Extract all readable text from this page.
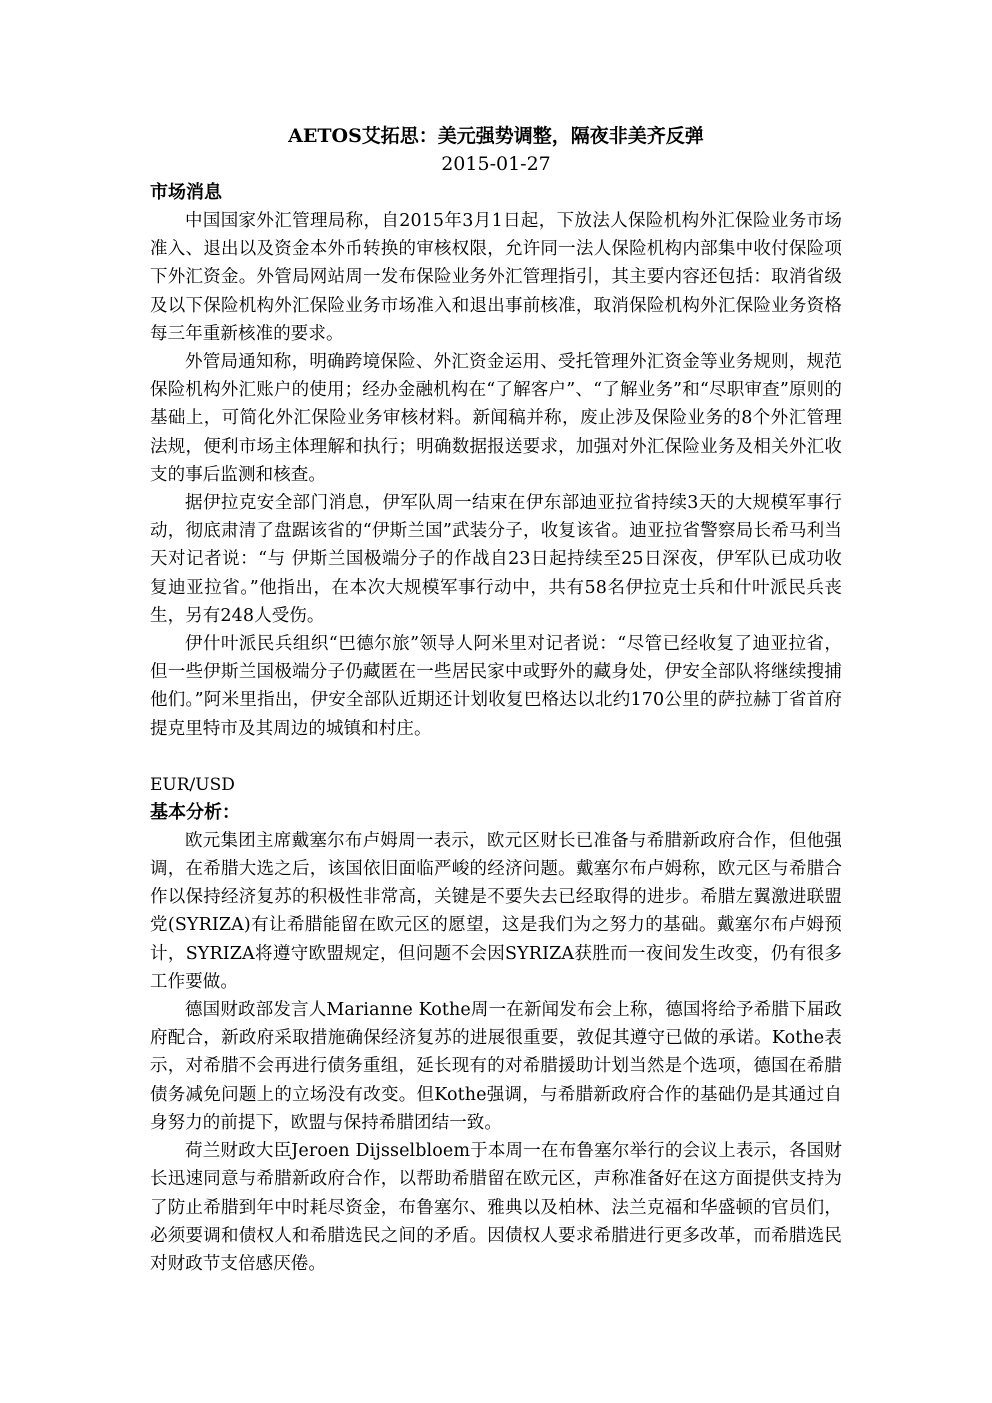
AETOS艾拓思：美元强势调整，隔夜非美齐反弹
2015-01-27
市场消息

中国国家外汇管理局称，自2015年3月1日起，下放法人保险机构外汇保险业务市场准入、退出以及资金本外币转换的审核权限，允许同一法人保险机构内部集中收付保险项下外汇资金。外管局网站周一发布保险业务外汇管理指引，其主要内容还包括：取消省级及以下保险机构外汇保险业务市场准入和退出事前核准，取消保险机构外汇保险业务资格每三年重新核准的要求。

外管局通知称，明确跨境保险、外汇资金运用、受托管理外汇资金等业务规则，规范保险机构外汇账户的使用；经办金融机构在“了解客户”、“了解业务”和“尽职审查”原则的基础上，可简化外汇保险业务审核材料。新闻稿并称，废止涉及保险业务的8个外汇管理法规，便利市场主体理解和执行；明确数据报送要求，加强对外汇保险业务及相关外汇收支的事后监测和核查。

据伊拉克安全部门消息，伊军队周一结束在伊东部迪亚拉省持续3天的大规模军事行动，彻底肃清了盘踞该省的“伊斯兰国”武装分子，收复该省。迪亚拉省警察局长希马利当天对记者说：“与 伊斯兰国极端分子的作战自23日起持续至25日深夜，伊军队已成功收复迪亚拉省。”他指出，在本次大规模军事行动中，共有58名伊拉克士兵和什叶派民兵丧生，另有248人受伤。

伊什叶派民兵组织“巴德尔旅”领导人阿米里对记者说：“尽管已经收复了迪亚拉省，但一些伊斯兰国极端分子仍藏匿在一些居民家中或野外的藏身处，伊安全部队将继续搜捕他们。”阿米里指出，伊安全部队近期还计划收复巴格达以北约170公里的萨拉赫丁省首府提克里特市及其周边的城镇和村庄。

EUR/USD
基本分析：

欧元集团主席戴塞尔布卢姆周一表示，欧元区财长已准备与希腊新政府合作，但他强调，在希腊大选之后，该国依旧面临严峻的经济问题。戴塞尔布卢姆称，欧元区与希腊合作以保持经济复苏的积极性非常高，关键是不要失去已经取得的进步。希腊左翼激进联盟党(SYRIZA)有让希腊能留在欧元区的愿望，这是我们为之努力的基础。戴塞尔布卢姆预计，SYRIZA将遵守欧盟规定，但问题不会因SYRIZA获胜而一夜间发生改变，仍有很多工作要做。

德国财政部发言人Marianne Kothe周一在新闻发布会上称，德国将给予希腊下届政府配合，新政府采取措施确保经济复苏的进展很重要，敦促其遵守已做的承诺。Kothe表示，对希腊不会再进行债务重组，延长现有的对希腊援助计划当然是个选项，德国在希腊债务减免问题上的立场没有改变。但Kothe强调，与希腊新政府合作的基础仍是其通过自身努力的前提下，欧盟与保持希腊团结一致。

荷兰财政大臣Jeroen Dijsselbloem于本周一在布鲁塞尔举行的会议上表示，各国财长迅速同意与希腊新政府合作，以帮助希腊留在欧元区，声称准备好在这方面提供支持为了防止希腊到年中时耗尽资金，布鲁塞尔、雅典以及柏林、法兰克福和华盛顿的官员们，必须要调和债权人和希腊选民之间的矛盾。因债权人要求希腊进行更多改革，而希腊选民对财政节支倍感厌倦。
